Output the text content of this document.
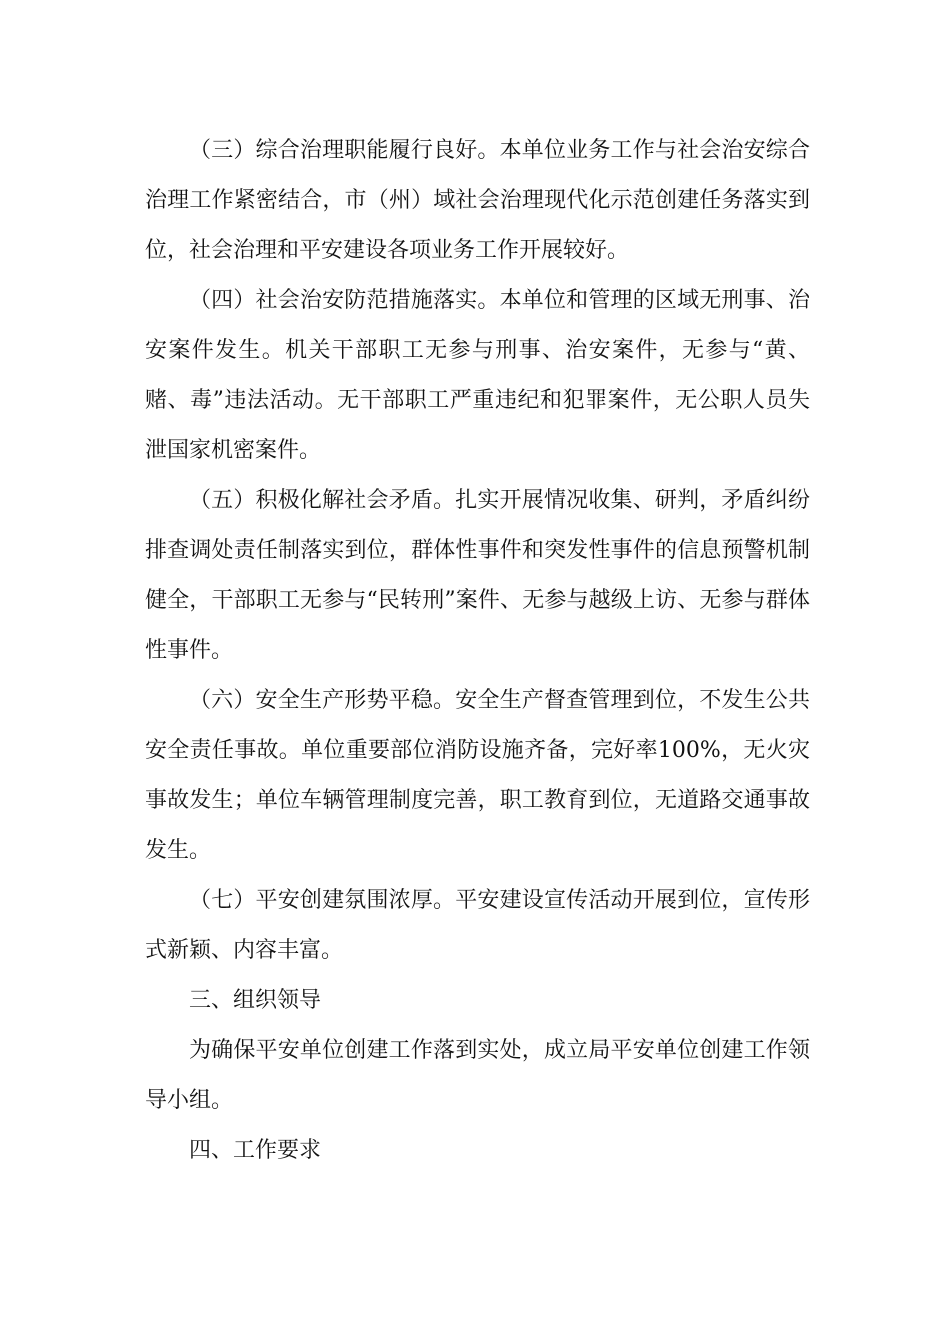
（三）综合治理职能履行良好。本单位业务工作与社会治安综合治理工作紧密结合，市（州）域社会治理现代化示范创建任务落实到位，社会治理和平安建设各项业务工作开展较好。

（四）社会治安防范措施落实。本单位和管理的区域无刑事、治安案件发生。机关干部职工无参与刑事、治安案件，无参与“黄、赌、毒”违法活动。无干部职工严重违纪和犯罪案件，无公职人员失泄国家机密案件。

（五）积极化解社会矛盾。扎实开展情况收集、研判，矛盾纠纷排查调处责任制落实到位，群体性事件和突发性事件的信息预警机制健全，干部职工无参与“民转刑”案件、无参与越级上访、无参与群体性事件。

（六）安全生产形势平稳。安全生产督查管理到位，不发生公共安全责任事故。单位重要部位消防设施齐备，完好率100%，无火灾事故发生；单位车辆管理制度完善，职工教育到位，无道路交通事故发生。

（七）平安创建氛围浓厚。平安建设宣传活动开展到位，宣传形式新颖、内容丰富。

三、组织领导

为确保平安单位创建工作落到实处，成立局平安单位创建工作领导小组。

四、工作要求
